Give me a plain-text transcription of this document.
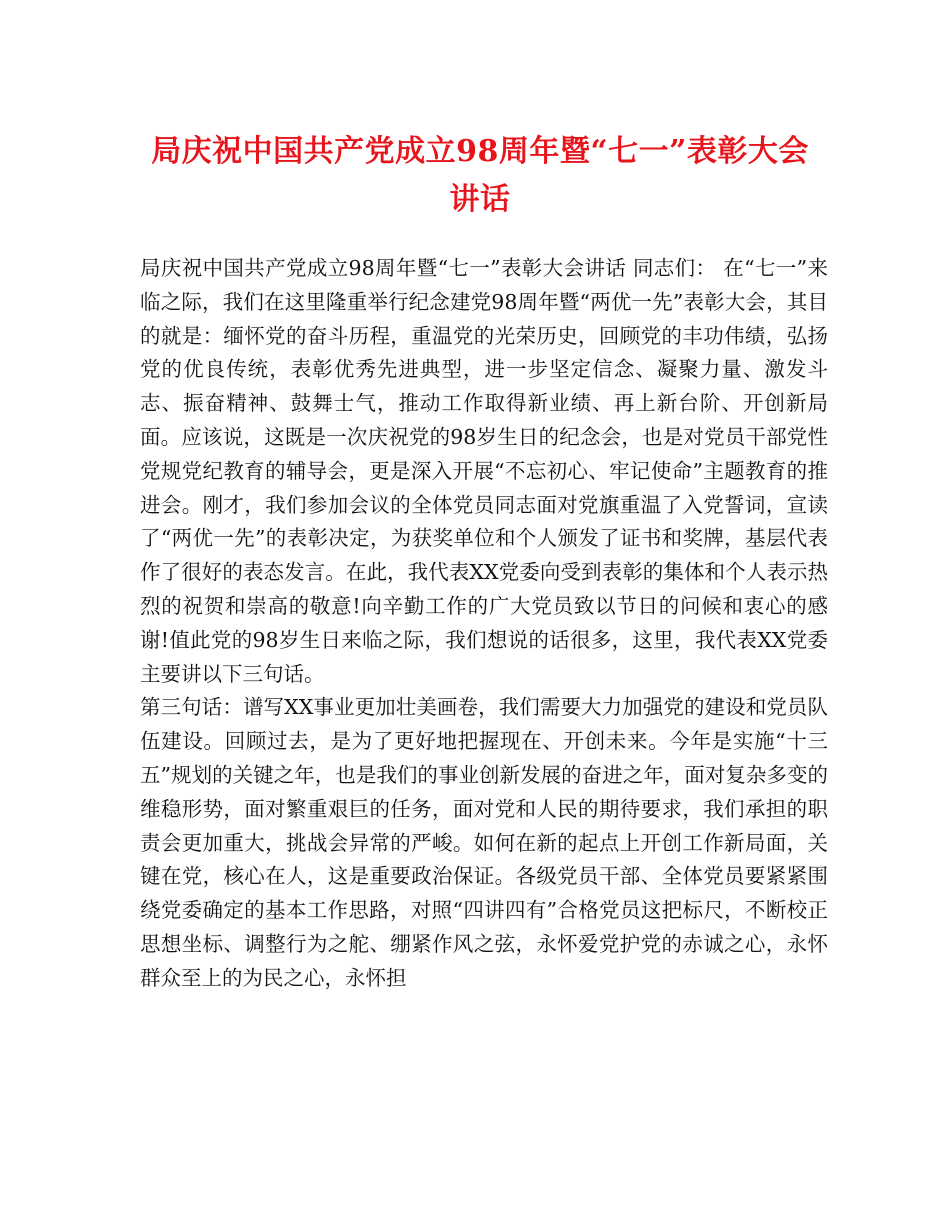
局庆祝中国共产党成立98周年暨“七一”表彰大会讲话

局庆祝中国共产党成立98周年暨“七一”表彰大会讲话 同志们： 在“七一”来临之际，我们在这里隆重举行纪念建党98周年暨“两优一先”表彰大会，其目的就是：缅怀党的奋斗历程，重温党的光荣历史，回顾党的丰功伟绩，弘扬党的优良传统，表彰优秀先进典型，进一步坚定信念、凝聚力量、激发斗志、振奋精神、鼓舞士气，推动工作取得新业绩、再上新台阶、开创新局面。应该说，这既是一次庆祝党的98岁生日的纪念会，也是对党员干部党性党规党纪教育的辅导会，更是深入开展“不忘初心、牢记使命”主题教育的推进会。刚才，我们参加会议的全体党员同志面对党旗重温了入党誓词，宣读了“两优一先”的表彰决定，为获奖单位和个人颁发了证书和奖牌，基层代表作了很好的表态发言。在此，我代表XX党委向受到表彰的集体和个人表示热烈的祝贺和崇高的敬意!向辛勤工作的广大党员致以节日的问候和衷心的感谢!值此党的98岁生日来临之际，我们想说的话很多，这里，我代表XX党委主要讲以下三句话。

第三句话：谱写XX事业更加壮美画卷，我们需要大力加强党的建设和党员队伍建设。回顾过去，是为了更好地把握现在、开创未来。今年是实施“十三五”规划的关键之年，也是我们的事业创新发展的奋进之年，面对复杂多变的维稳形势，面对繁重艰巨的任务，面对党和人民的期待要求，我们承担的职责会更加重大，挑战会异常的严峻。如何在新的起点上开创工作新局面，关键在党，核心在人，这是重要政治保证。各级党员干部、全体党员要紧紧围绕党委确定的基本工作思路，对照“四讲四有”合格党员这把标尺，不断校正思想坐标、调整行为之舵、绷紧作风之弦，永怀爱党护党的赤诚之心，永怀群众至上的为民之心，永怀担
